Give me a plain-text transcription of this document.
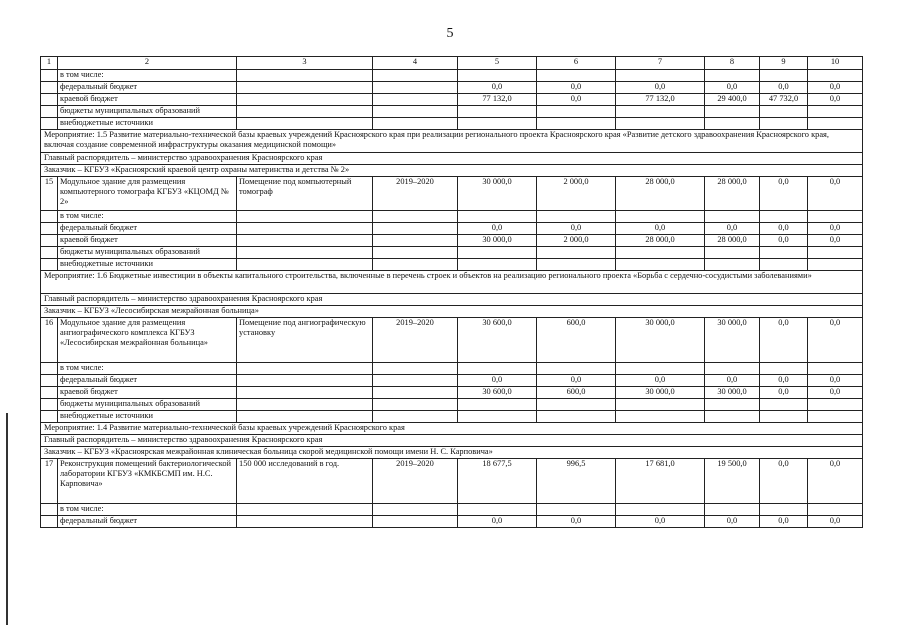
5
1	2	3	4	5	6	7	8	9	10
	в том числе:								
	федеральный бюджет			0,0	0,0	0,0	0,0	0,0	0,0
	краевой бюджет			77 132,0	0,0	77 132,0	29 400,0	47 732,0	0,0
	бюджеты муниципальных образований								
	внебюджетные источники								
Мероприятие: 1.5 Развитие материально-технической базы краевых учреждений Красноярского края при реализации регионального проекта Красноярского края «Развитие детского здравоохранения Красноярского края, включая создание современной инфраструктуры оказания медицинской помощи»									
Главный распорядитель – министерство здравоохранения Красноярского края									
Заказчик – КГБУЗ «Красноярский краевой центр охраны материнства и детства № 2»									
15	Модульное здание для размещения компьютерного томографа КГБУЗ «КЦОМД № 2»	Помещение под компьютерный томограф	2019–2020	30 000,0	2 000,0	28 000,0	28 000,0	0,0	0,0
	в том числе:								
	федеральный бюджет			0,0	0,0	0,0	0,0	0,0	0,0
	краевой бюджет			30 000,0	2 000,0	28 000,0	28 000,0	0,0	0,0
	бюджеты муниципальных образований								
	внебюджетные источники								
Мероприятие: 1.6 Бюджетные инвестиции в объекты капитального строительства, включенные в перечень строек и объектов на реализацию регионального проекта «Борьба с сердечно-сосудистыми заболеваниями»									
Главный распорядитель – министерство здравоохранения Красноярского края									
Заказчик – КГБУЗ «Лесосибирская межрайонная больница»									
16	Модульное здание для размещения ангиографического комплекса КГБУЗ «Лесосибирская межрайонная больница»	Помещение под ангиографическую установку	2019–2020	30 600,0	600,0	30 000,0	30 000,0	0,0	0,0
	в том числе:								
	федеральный бюджет			0,0	0,0	0,0	0,0	0,0	0,0
	краевой бюджет			30 600,0	600,0	30 000,0	30 000,0	0,0	0,0
	бюджеты муниципальных образований								
	внебюджетные источники								
Мероприятие: 1.4 Развитие материально-технической базы краевых учреждений Красноярского края									
Главный распорядитель – министерство здравоохранения Красноярского края									
Заказчик – КГБУЗ «Красноярская межрайонная клиническая больница скорой медицинской помощи имени Н. С. Карповича»									
17	Реконструкция помещений бактериологической лаборатории КГБУЗ «КМКБСМП им. Н.С. Карповича»	150 000 исследований в год.	2019–2020	18 677,5	996,5	17 681,0	19 500,0	0,0	0,0
	в том числе:								
	федеральный бюджет			0,0	0,0	0,0	0,0	0,0	0,0
